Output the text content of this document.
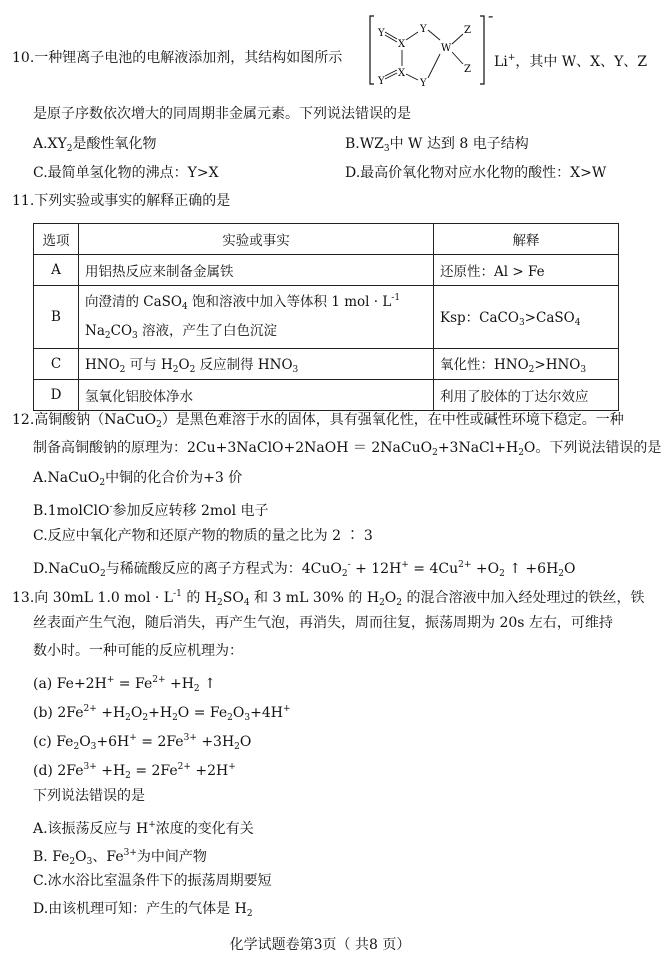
10.一种锂离子电池的电解液添加剂，其结构如图所示
Y
X
Y
W
Z
Z
X
Y	Y
-
Li+，其中 W、X、Y、Z
是原子序数依次增大的同周期非金属元素。下列说法错误的是
$A.XY_2$是酸性氧化物	$B.WZ_3$中 W 达到 8 电子结构
C.最简单氢化物的沸点：Y>X	D.最高价氧化物对应水化物的酸性：X>W
11.下列实验或事实的解释正确的是
选项	实验或事实	解释
A	用铝热反应来制备金属铁	还原性：Al > Fe
B	向澄清的 CaSO$_4$ 饱和溶液中加入等体积 1 mol · $L^{-1}$
$Na_2CO_3$ 溶液，产生了白色沉淀	Ksp：CaCO$_3$>CaSO$_4$
C	$HNO_2$ 可与 $H_2O_2$ 反应制得 $HNO_3$	氧化性：$HNO_2>HNO_3$
D	氢氧化铝胶体净水	利用了胶体的丁达尔效应
12.高铜酸钠（NaCuO$_2$）是黑色难溶于水的固体，具有强氧化性，在中性或碱性环境下稳定。一种
制备高铜酸钠的原理为：2Cu+3NaClO+2NaOH ＝ $2NaCuO_2+3NaCl+H_2O$。下列说法错误的是
A.NaCuO$_2$中铜的化合价为+3 价
B.1molClO-参加反应转移 2mol 电子
C.反应中氧化产物和还原产物的物质的量之比为 2 ∶ 3
D.NaCuO$_2$与稀硫酸反应的离子方程式为：$4CuO_2^- + 12H^+ = 4Cu^{2+} +O_2$ ↑ $+6H_2O$
13.向 30mL 1.0 mol · $L^{-1}$ 的 $H_2SO_4$ 和 3 mL 30% 的 $H_2O_2$ 的混合溶液中加入经处理过的铁丝，铁
丝表面产生气泡，随后消失，再产生气泡，再消失，周而往复，振荡周期为 20s 左右，可维持
数小时。一种可能的反应机理为：
(a) $Fe+2H^+ = Fe^{2+} +H_2$ ↑
(b) $2Fe^{2+} +H_2O_2+H_2O = Fe_2O_3+4H^+$
(c) $Fe_2O_3+6H^+ = 2Fe^{3+} +3H_2O$
(d) $2Fe^{3+} +H_2 = 2Fe^{2+} +2H^+$
下列说法错误的是
A.该振荡反应与 H+浓度的变化有关
B. $Fe_2O_3$、$Fe^{3+}$为中间产物
C.冰水浴比室温条件下的振荡周期要短
D.由该机理可知：产生的气体是 $H_2$
化学试题卷第3页（ 共8 页）
